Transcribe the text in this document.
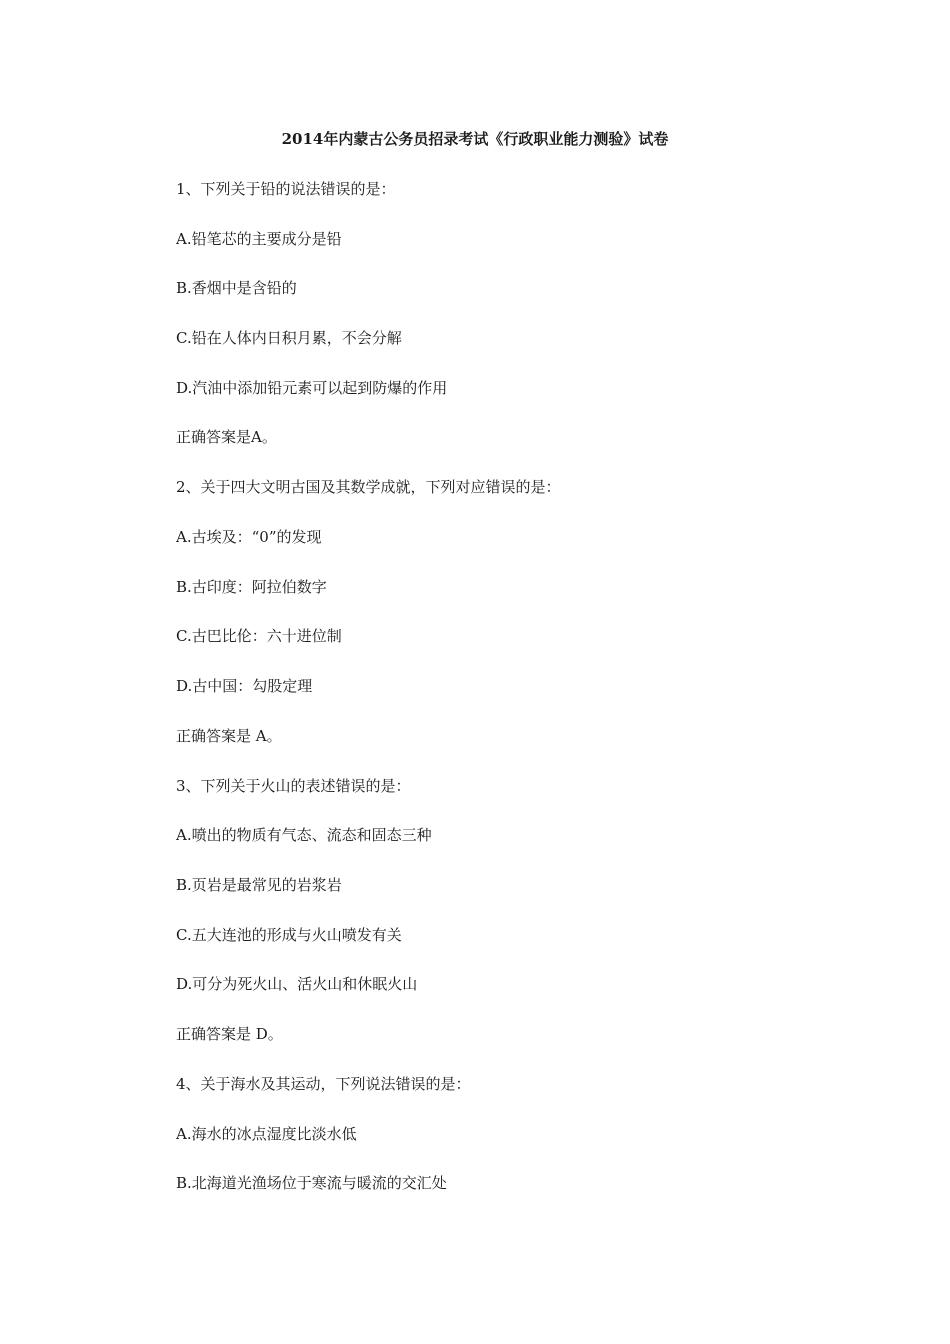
2014年内蒙古公务员招录考试《行政职业能力测验》试卷
1、下列关于铅的说法错误的是：
A.铅笔芯的主要成分是铅
B.香烟中是含铅的
C.铅在人体内日积月累，不会分解
D.汽油中添加铅元素可以起到防爆的作用
正确答案是A。
2、关于四大文明古国及其数学成就，下列对应错误的是：
A.古埃及：“0”的发现
B.古印度：阿拉伯数字
C.古巴比伦：六十进位制
D.古中国：勾股定理
正确答案是 A。
3、下列关于火山的表述错误的是：
A.喷出的物质有气态、流态和固态三种
B.页岩是最常见的岩浆岩
C.五大连池的形成与火山喷发有关
D.可分为死火山、活火山和休眠火山
正确答案是 D。
4、关于海水及其运动，下列说法错误的是：
A.海水的冰点湿度比淡水低
B.北海道光渔场位于寒流与暖流的交汇处
